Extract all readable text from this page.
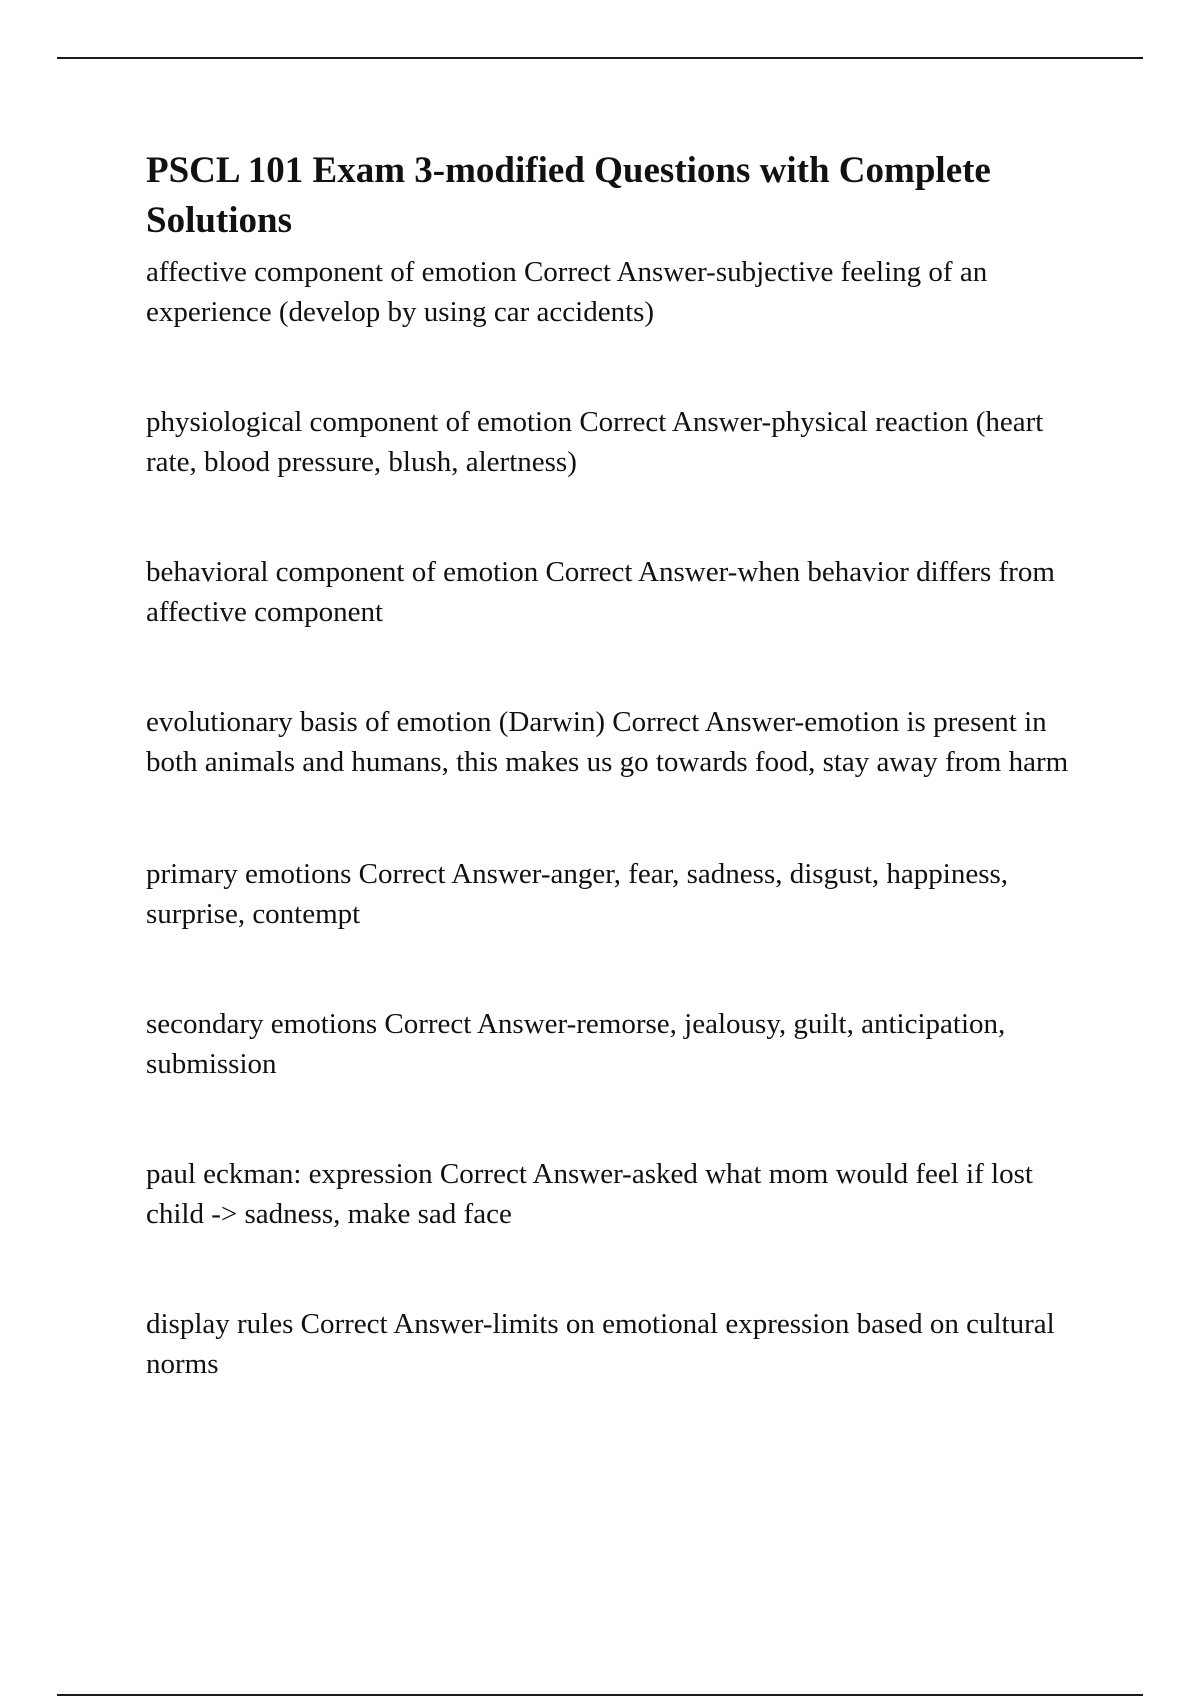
PSCL 101 Exam 3-modified Questions with Complete Solutions
affective component of emotion Correct Answer-subjective feeling of an experience (develop by using car accidents)
physiological component of emotion Correct Answer-physical reaction (heart rate, blood pressure, blush, alertness)
behavioral component of emotion Correct Answer-when behavior differs from affective component
evolutionary basis of emotion (Darwin) Correct Answer-emotion is present in both animals and humans, this makes us go towards food, stay away from harm
primary emotions Correct Answer-anger, fear, sadness, disgust, happiness, surprise, contempt
secondary emotions Correct Answer-remorse, jealousy, guilt, anticipation, submission
paul eckman: expression Correct Answer-asked what mom would feel if lost child -> sadness, make sad face
display rules Correct Answer-limits on emotional expression based on cultural norms
